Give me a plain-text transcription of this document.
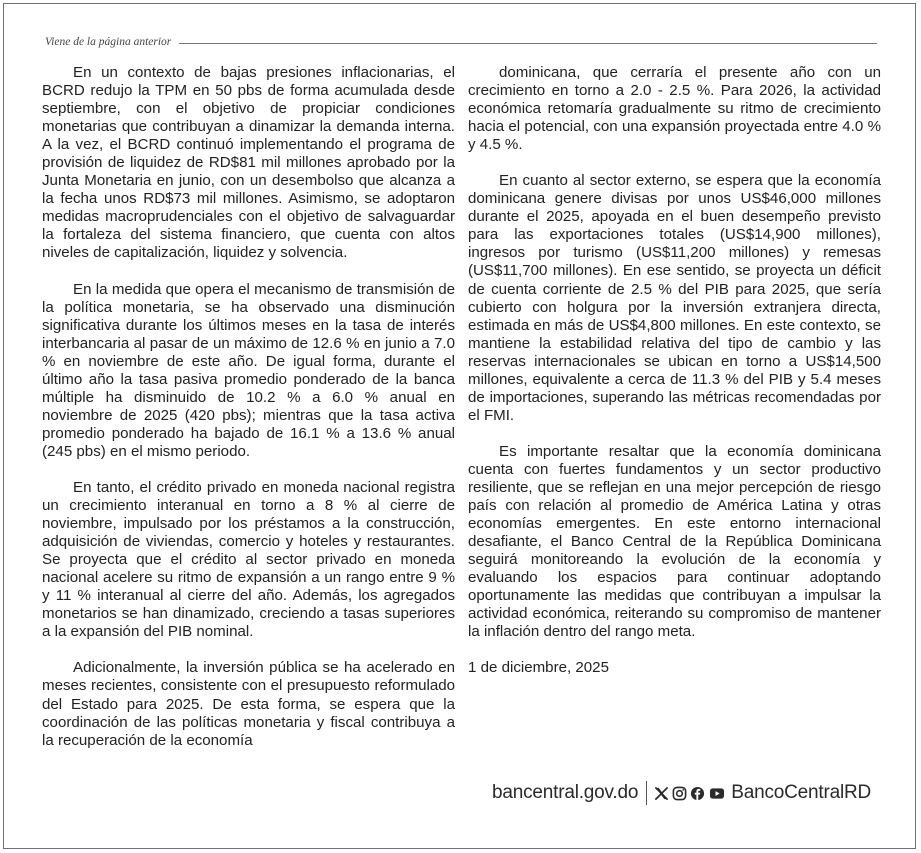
Viene de la página anterior

En un contexto de bajas presiones inflacionarias, el BCRD redujo la TPM en 50 pbs de forma acumulada desde septiembre, con el objetivo de propiciar condiciones monetarias que contribuyan a dinamizar la demanda interna. A la vez, el BCRD continuó implementando el programa de provisión de liquidez de RD$81 mil millones aprobado por la Junta Monetaria en junio, con un desembolso que alcanza a la fecha unos RD$73 mil millones. Asimismo, se adoptaron medidas macroprudenciales con el objetivo de salvaguardar la fortaleza del sistema financiero, que cuenta con altos niveles de capitalización, liquidez y solvencia.

En la medida que opera el mecanismo de transmisión de la política monetaria, se ha observado una disminución significativa durante los últimos meses en la tasa de interés interbancaria al pasar de un máximo de 12.6 % en junio a 7.0 % en noviembre de este año. De igual forma, durante el último año la tasa pasiva promedio ponderado de la banca múltiple ha disminuido de 10.2 % a 6.0 % anual en noviembre de 2025 (420 pbs); mientras que la tasa activa promedio ponderado ha bajado de 16.1 % a 13.6 % anual (245 pbs) en el mismo periodo.

En tanto, el crédito privado en moneda nacional registra un crecimiento interanual en torno a 8 % al cierre de noviembre, impulsado por los préstamos a la construcción, adquisición de viviendas, comercio y hoteles y restaurantes. Se proyecta que el crédito al sector privado en moneda nacional acelere su ritmo de expansión a un rango entre 9 % y 11 % interanual al cierre del año. Además, los agregados monetarios se han dinamizado, creciendo a tasas superiores a la expansión del PIB nominal.

Adicionalmente, la inversión pública se ha acelerado en meses recientes, consistente con el presupuesto reformulado del Estado para 2025. De esta forma, se espera que la coordinación de las políticas monetaria y fiscal contribuya a la recuperación de la economía

dominicana, que cerraría el presente año con un crecimiento en torno a 2.0 - 2.5 %. Para 2026, la actividad económica retomaría gradualmente su ritmo de crecimiento hacia el potencial, con una expansión proyectada entre 4.0 % y 4.5 %.

En cuanto al sector externo, se espera que la economía dominicana genere divisas por unos US$46,000 millones durante el 2025, apoyada en el buen desempeño previsto para las exportaciones totales (US$14,900 millones), ingresos por turismo (US$11,200 millones) y remesas (US$11,700 millones). En ese sentido, se proyecta un déficit de cuenta corriente de 2.5 % del PIB para 2025, que sería cubierto con holgura por la inversión extranjera directa, estimada en más de US$4,800 millones. En este contexto, se mantiene la estabilidad relativa del tipo de cambio y las reservas internacionales se ubican en torno a US$14,500 millones, equivalente a cerca de 11.3 % del PIB y 5.4 meses de importaciones, superando las métricas recomendadas por el FMI.

Es importante resaltar que la economía dominicana cuenta con fuertes fundamentos y un sector productivo resiliente, que se reflejan en una mejor percepción de riesgo país con relación al promedio de América Latina y otras economías emergentes. En este entorno internacional desafiante, el Banco Central de la República Dominicana seguirá monitoreando la evolución de la economía y evaluando los espacios para continuar adoptando oportunamente las medidas que contribuyan a impulsar la actividad económica, reiterando su compromiso de mantener la inflación dentro del rango meta.

1 de diciembre, 2025

bancentral.gov.do	BancoCentralRD
